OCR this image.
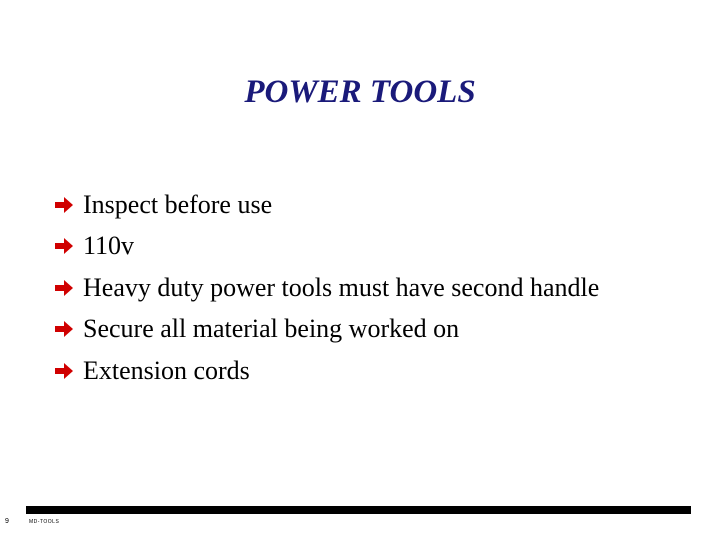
POWER TOOLS
Inspect before use
110v
Heavy duty power tools must have second handle
Secure all material being worked on
Extension cords
9	MD-TOOLS
